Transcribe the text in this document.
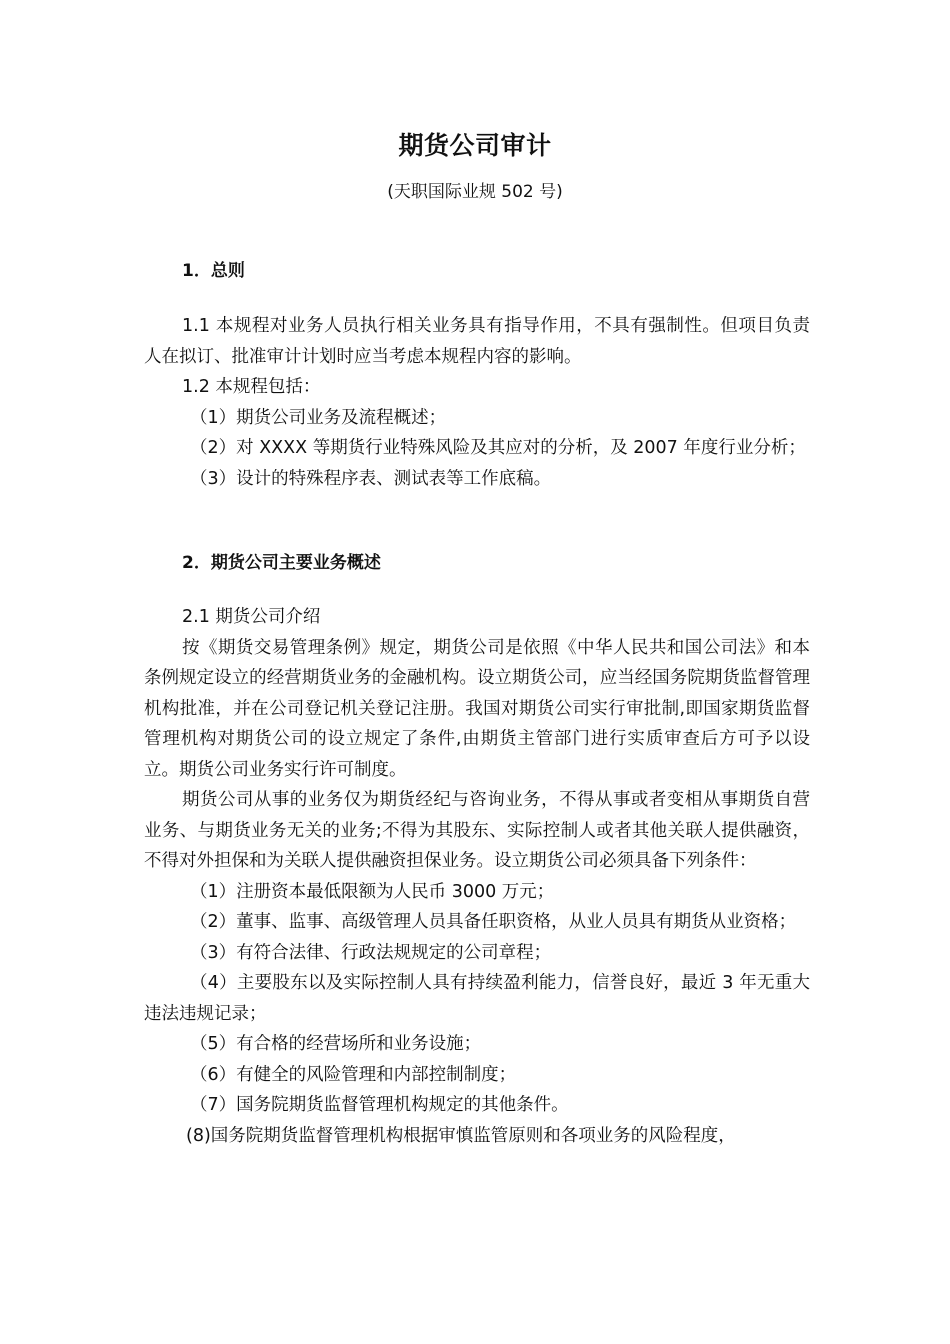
期货公司审计
(天职国际业规 502 号)
1．总则

1.1 本规程对业务人员执行相关业务具有指导作用，不具有强制性。但项目负责人在拟订、批准审计计划时应当考虑本规程内容的影响。

1.2 本规程包括：

（1）期货公司业务及流程概述；

（2）对 XXXX 等期货行业特殊风险及其应对的分析，及 2007 年度行业分析；

（3）设计的特殊程序表、测试表等工作底稿。

2．期货公司主要业务概述

2.1 期货公司介绍

按《期货交易管理条例》规定，期货公司是依照《中华人民共和国公司法》和本条例规定设立的经营期货业务的金融机构。设立期货公司，应当经国务院期货监督管理机构批准，并在公司登记机关登记注册。我国对期货公司实行审批制,即国家期货监督管理机构对期货公司的设立规定了条件,由期货主管部门进行实质审查后方可予以设立。期货公司业务实行许可制度。

期货公司从事的业务仅为期货经纪与咨询业务，不得从事或者变相从事期货自营业务、与期货业务无关的业务;不得为其股东、实际控制人或者其他关联人提供融资，不得对外担保和为关联人提供融资担保业务。设立期货公司必须具备下列条件：

（1）注册资本最低限额为人民币 3000 万元；

（2）董事、监事、高级管理人员具备任职资格，从业人员具有期货从业资格；

（3）有符合法律、行政法规规定的公司章程；

（4）主要股东以及实际控制人具有持续盈利能力，信誉良好，最近 3 年无重大违法违规记录；

（5）有合格的经营场所和业务设施；

（6）有健全的风险管理和内部控制制度；

（7）国务院期货监督管理机构规定的其他条件。

(8)国务院期货监督管理机构根据审慎监管原则和各项业务的风险程度，
